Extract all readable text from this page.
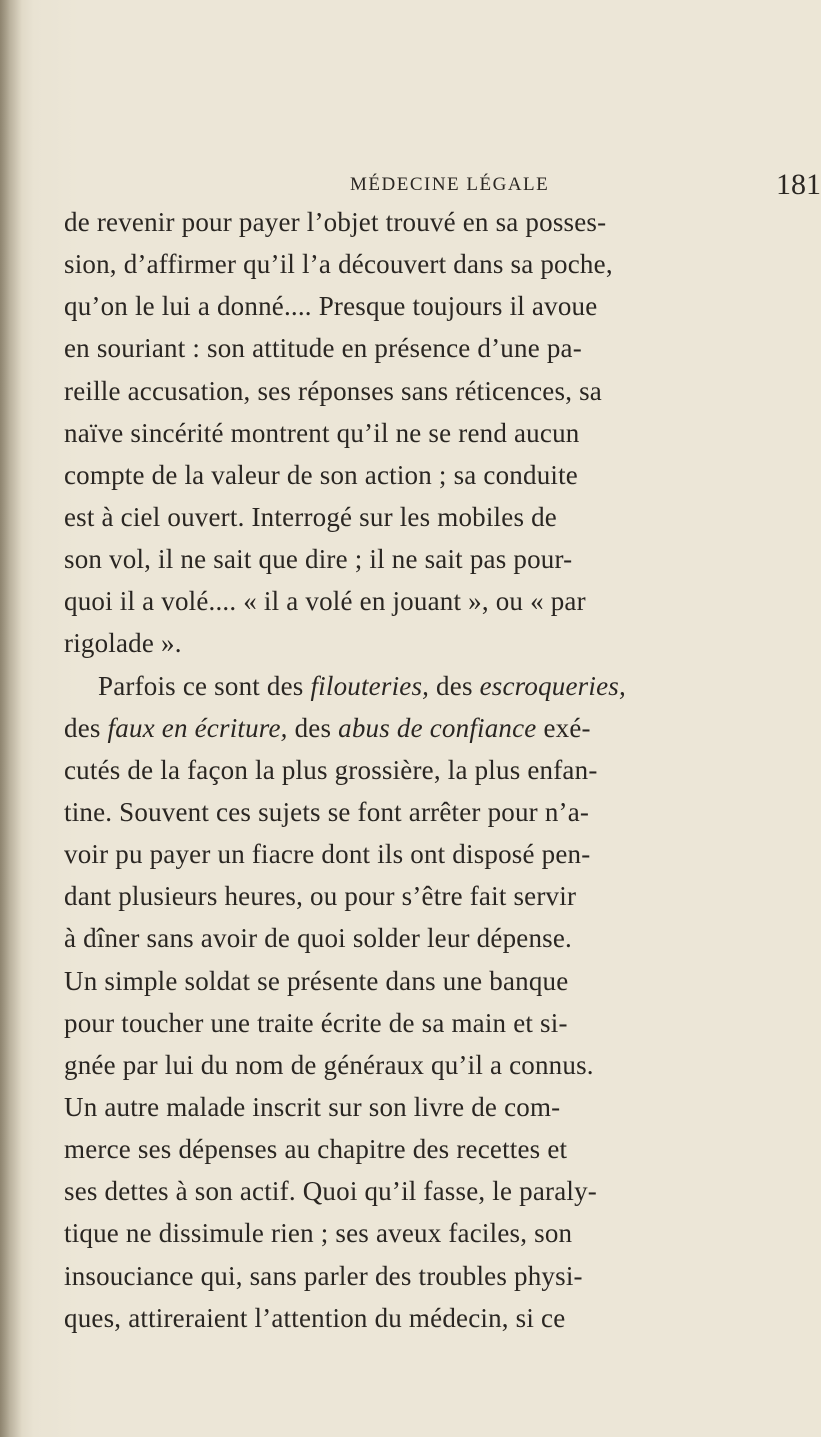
MÉDECINE LÉGALE	181
de revenir pour payer l’objet trouvé en sa posses-
sion, d’affirmer qu’il l’a découvert dans sa poche,
qu’on le lui a donné.... Presque toujours il avoue
en souriant : son attitude en présence d’une pa-
reille accusation, ses réponses sans réticences, sa
naïve sincérité montrent qu’il ne se rend aucun
compte de la valeur de son action ; sa conduite
est à ciel ouvert. Interrogé sur les mobiles de
son vol, il ne sait que dire ; il ne sait pas pour-
quoi il a volé.... « il a volé en jouant », ou « par
rigolade ».
Parfois ce sont des filouteries, des escroqueries,
des faux en écriture, des abus de confiance exé-
cutés de la façon la plus grossière, la plus enfan-
tine. Souvent ces sujets se font arrêter pour n’a-
voir pu payer un fiacre dont ils ont disposé pen-
dant plusieurs heures, ou pour s’être fait servir
à dîner sans avoir de quoi solder leur dépense.
Un simple soldat se présente dans une banque
pour toucher une traite écrite de sa main et si-
gnée par lui du nom de généraux qu’il a connus.
Un autre malade inscrit sur son livre de com-
merce ses dépenses au chapitre des recettes et
ses dettes à son actif. Quoi qu’il fasse, le paraly-
tique ne dissimule rien ; ses aveux faciles, son
insouciance qui, sans parler des troubles physi-
ques, attireraient l’attention du médecin, si ce
